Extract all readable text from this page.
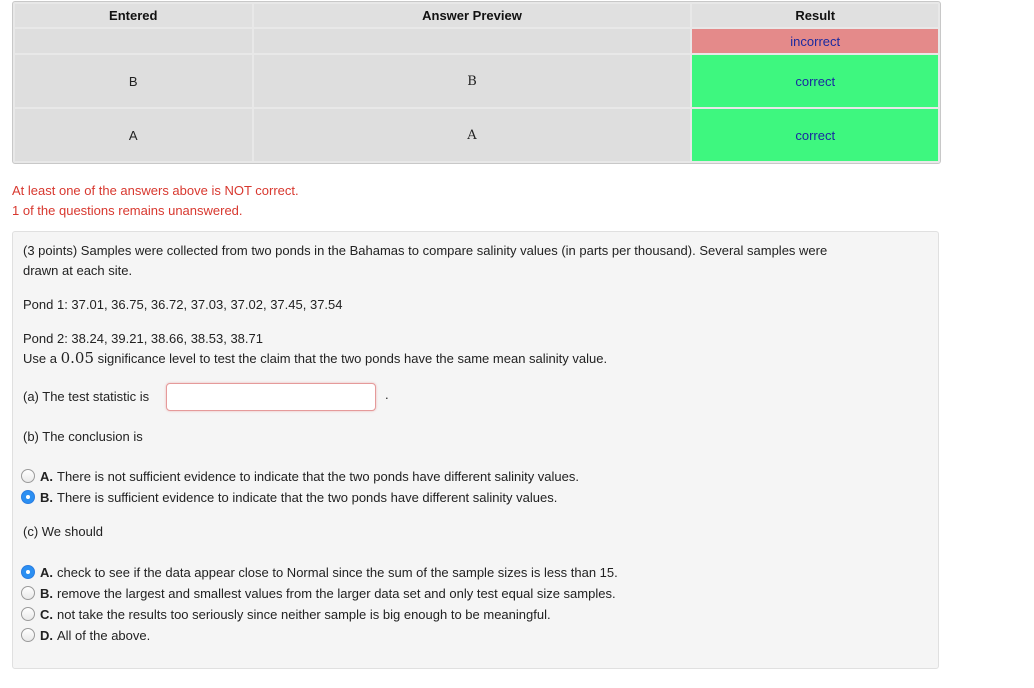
Entered	Answer Preview	Result
		incorrect
B	B	correct
A	A	correct
At least one of the answers above is NOT correct.
1 of the questions remains unanswered.
(3 points) Samples were collected from two ponds in the Bahamas to compare salinity values (in parts per thousand). Several samples were
drawn at each site.
Pond 1: 37.01, 36.75, 36.72, 37.03, 37.02, 37.45, 37.54
Pond 2: 38.24, 39.21, 38.66, 38.53, 38.71
Use a 0.05 significance level to test the claim that the two ponds have the same mean salinity value.
(a) The test statistic is	.
(b) The conclusion is
A. There is not sufficient evidence to indicate that the two ponds have different salinity values.
B. There is sufficient evidence to indicate that the two ponds have different salinity values.
(c) We should
A. check to see if the data appear close to Normal since the sum of the sample sizes is less than 15.
B. remove the largest and smallest values from the larger data set and only test equal size samples.
C. not take the results too seriously since neither sample is big enough to be meaningful.
D. All of the above.
